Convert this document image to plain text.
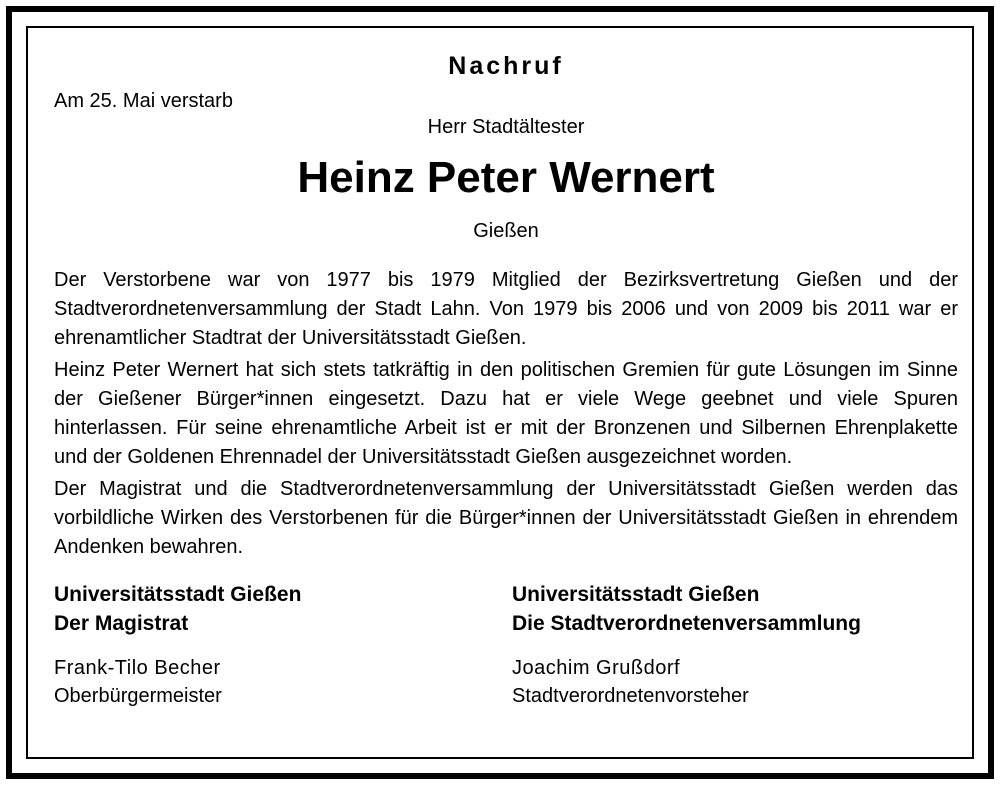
Nachruf
Am 25. Mai verstarb
Herr Stadtältester
Heinz Peter Wernert
Gießen

Der Verstorbene war von 1977 bis 1979 Mitglied der Bezirksvertretung Gießen und der Stadtverordnetenversammlung der Stadt Lahn. Von 1979 bis 2006 und von 2009 bis 2011 war er ehrenamtlicher Stadtrat der Universitätsstadt Gießen.

Heinz Peter Wernert hat sich stets tatkräftig in den politischen Gremien für gute Lösungen im Sinne der Gießener Bürger*innen eingesetzt. Dazu hat er viele Wege geebnet und viele Spuren hinterlassen. Für seine ehrenamtliche Arbeit ist er mit der Bronzenen und Silbernen Ehrenplakette und der Goldenen Ehrennadel der Universitätsstadt Gießen ausgezeichnet worden.

Der Magistrat und die Stadtverordnetenversammlung der Universitätsstadt Gießen werden das vorbildliche Wirken des Verstorbenen für die Bürger*innen der Universitätsstadt Gießen in ehrendem Andenken bewahren.

Universitätsstadt Gießen
Der Magistrat
Frank-Tilo Becher
Oberbürgermeister
Universitätsstadt Gießen
Die Stadtverordnetenversammlung
Joachim Grußdorf
Stadtverordnetenvorsteher
